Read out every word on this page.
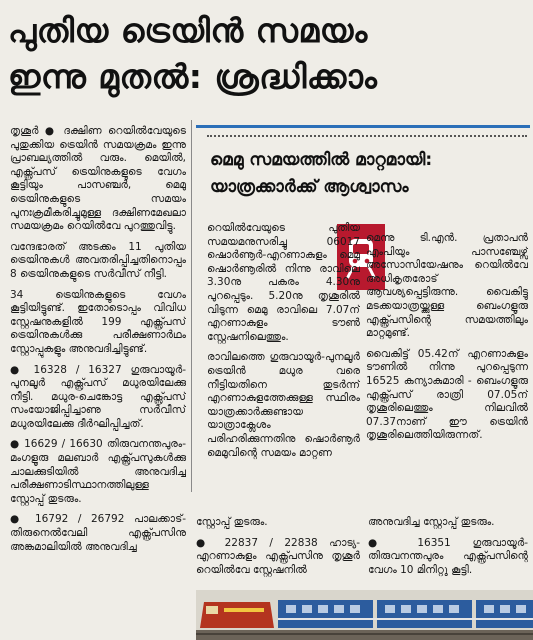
പുതിയ ട്രെയിൻ സമയം
ഇന്നു മുതൽ: ശ്രദ്ധിക്കാം

തൃശൂർ ● ദക്ഷിണ റെയിൽവേയുടെ പുതുക്കിയ ട്രെയിൻ സമയക്രമം ഇന്നു പ്രാബല്യത്തിൽ വരും. മെയിൽ, എക്സ്പ്രസ് ട്രെയിനുകളുടെ വേഗം കൂട്ടിയും പാസഞ്ചർ, മെമു ട്രെയിനുകളുടെ സമയം പുനഃക്രമീകരിച്ചുമുള്ള ദക്ഷിണമേഖലാ സമയക്രമം റെയിൽവേ പുറത്തുവിട്ടു.

വന്ദേഭാരത് അടക്കം 11 പുതിയ ട്രെയിനുകൾ അവതരിപ്പിച്ചതിനൊപ്പം 8 ട്രെയിനുകളുടെ സർവീസ് നീട്ടി.

34 ട്രെയിനുകളുടെ വേഗം കൂട്ടിയിട്ടുണ്ട്. ഇതോടൊപ്പം വിവിധ സ്റ്റേഷനുകളിൽ 199 എക്സ്പ്രസ് ട്രെയിനുകൾക്കു പരീക്ഷണാർഥം സ്റ്റോപ്പുകളും അനുവദിച്ചിട്ടുണ്ട്.

● 16328 / 16327 ഗുരുവായൂർ-പുനലൂർ എക്സ്പ്രസ് മധുരയിലേക്കു നീട്ടി. മധുര-ചെങ്കോട്ട എക്സ്പ്രസ് സംയോജിപ്പിച്ചാണു സർവീസ് മധുരയിലേക്കു ദീർഘിപ്പിച്ചത്.

● 16629 / 16630 തിരുവനന്തപുരം-മംഗളൂരു മലബാർ എക്സ്പ്രസുകൾക്കു ചാലക്കുടിയിൽ അനുവദിച്ച പരീക്ഷണാടിസ്ഥാനത്തിലുള്ള സ്റ്റോപ്പ് തുടരും.

● 16792 / 26792 പാലക്കാട്-തിരുനെൽവേലി എക്സ്പ്രസിനു അങ്കമാലിയിൽ അനുവദിച്ച

മെമു സമയത്തിൽ മാറ്റമായി:
യാത്രക്കാർക്ക് ആശ്വാസം

റെയിൽവേയുടെ പുതിയ സമയമനുസരിച്ചു 06017 ഷൊർണൂർ-എറണാകുളം മെമു ഷൊർണൂരിൽ നിന്നു രാവിലെ 3.30നു പകരം 4.30നു പുറപ്പെടും. 5.20നു തൃശൂരിൽ വിടുന്ന മെമു രാവിലെ 7.07ന് എറണാകുളം ടൗൺ സ്റ്റേഷനിലെത്തും.

രാവിലത്തെ ഗുരുവായൂർ-പുനലൂർ ട്രെയിൻ മധുര വരെ നീട്ടിയതിനെ തുടർന്ന് എറണാകുളത്തേക്കുള്ള സ്ഥിരം യാത്രക്കാർക്കുണ്ടായ യാത്രാക്ലേശം പരിഹരിക്കുന്നതിനു ഷൊർണൂർ മെമുവിന്റെ സമയം മാറ്റണ

മെന്നു ടി.എൻ. പ്രതാപൻ എംപിയും പാസഞ്ചേഴ്സ് അസോസിയേഷനും റെയിൽവേ അധികൃതരോട് ആവശ്യപ്പെട്ടിരുന്നു. വൈകിട്ടു മടക്കയാത്രയ്ക്കുള്ള ബെംഗളൂരു എക്സ്പ്രസിന്റെ സമയത്തിലും മാറ്റമുണ്ട്.

വൈകിട്ട് 05.42ന് എറണാകുളം ടൗണിൽ നിന്നു പുറപ്പെടുന്ന 16525 കന്യാകുമാരി - ബെംഗളൂരു എക്സ്പ്രസ് രാത്രി 07.05ന് തൃശൂരിലെത്തും നിലവിൽ 07.37നാണ് ഈ ട്രെയിൻ തൃശൂരിലെത്തിയിരുന്നത്.

സ്റ്റോപ്പ് തുടരും.

● 22837 / 22838 ഹാട്യ-എറണാകുളം എക്സ്പ്രസിനു തൃശൂർ റെയിൽവേ സ്റ്റേഷനിൽ

അനുവദിച്ച സ്റ്റോപ്പ് തുടരും.

● 16351 ഗുരുവായൂർ-തിരുവനന്തപുരം എക്സ്പ്രസിന്റെ വേഗം 10 മിനിറ്റു കൂട്ടി.
